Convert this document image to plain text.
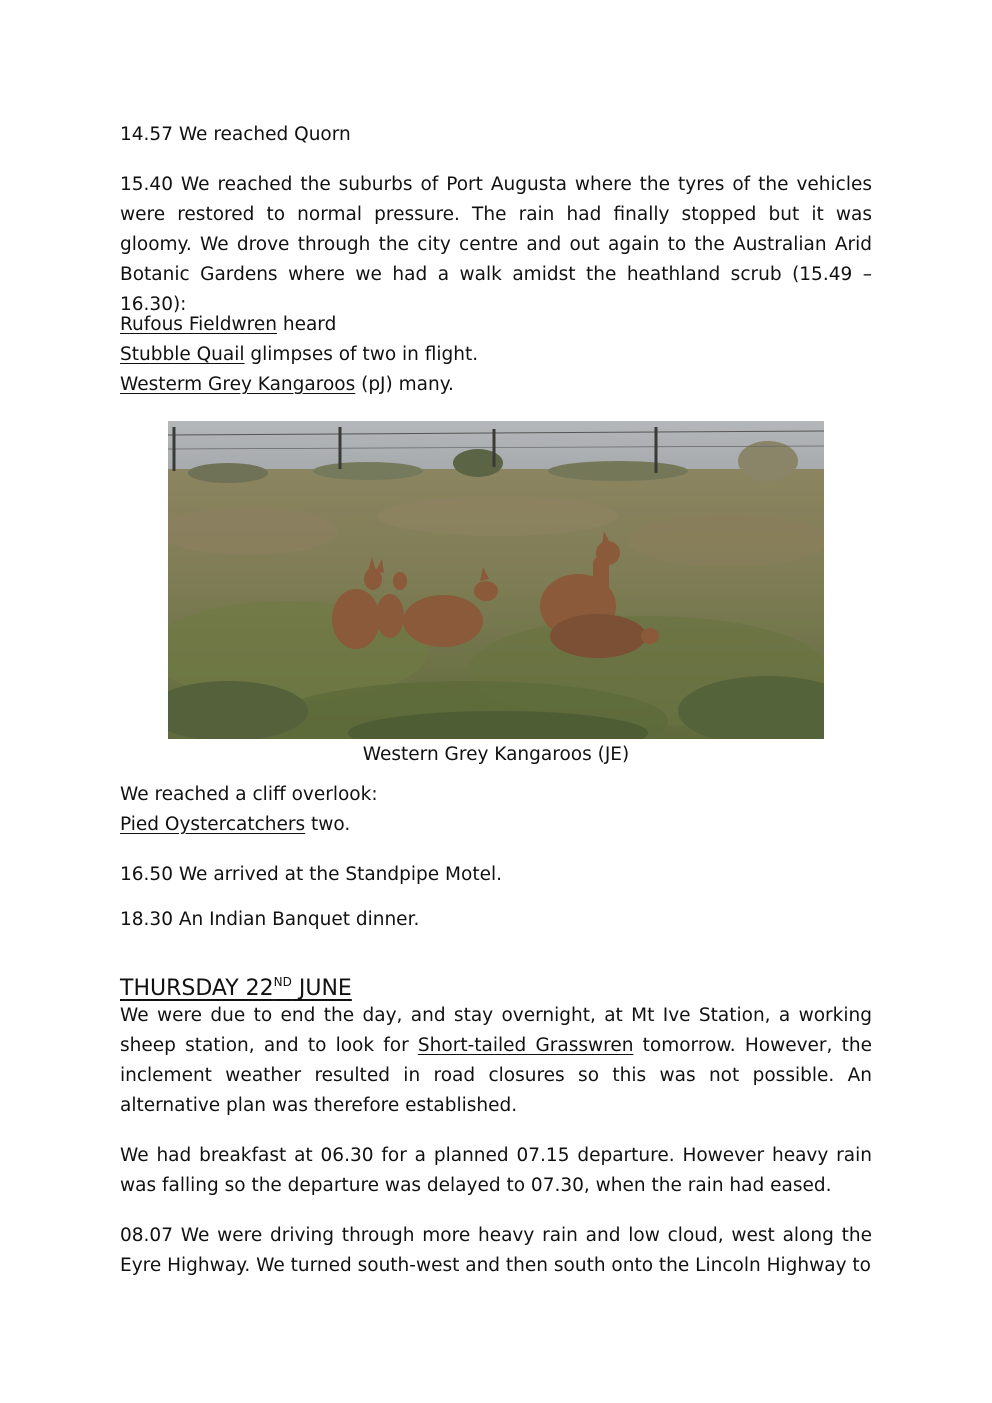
14.57 We reached Quorn

15.40 We reached the suburbs of Port Augusta where the tyres of the vehicles were restored to normal pressure. The rain had finally stopped but it was gloomy. We drove through the city centre and out again to the Australian Arid Botanic Gardens where we had a walk amidst the heathland scrub (15.49 – 16.30):

Rufous Fieldwren heard
Stubble Quail glimpses of two in flight.
Westerm Grey Kangaroos (pJ) many.
We reached a cliff overlook:
Pied Oystercatchers two.

16.50 We arrived at the Standpipe Motel.

18.30 An Indian Banquet dinner.

THURSDAY 22ND JUNE

We were due to end the day, and stay overnight, at Mt Ive Station, a working sheep station, and to look for Short-tailed Grasswren tomorrow. However, the inclement weather resulted in road closures so this was not possible. An alternative plan was therefore established.

We had breakfast at 06.30 for a planned 07.15 departure. However heavy rain was falling so the departure was delayed to 07.30, when the rain had eased.

08.07 We were driving through more heavy rain and low cloud, west along the Eyre Highway. We turned south-west and then south onto the Lincoln Highway to

Western Grey Kangaroos (JE)
